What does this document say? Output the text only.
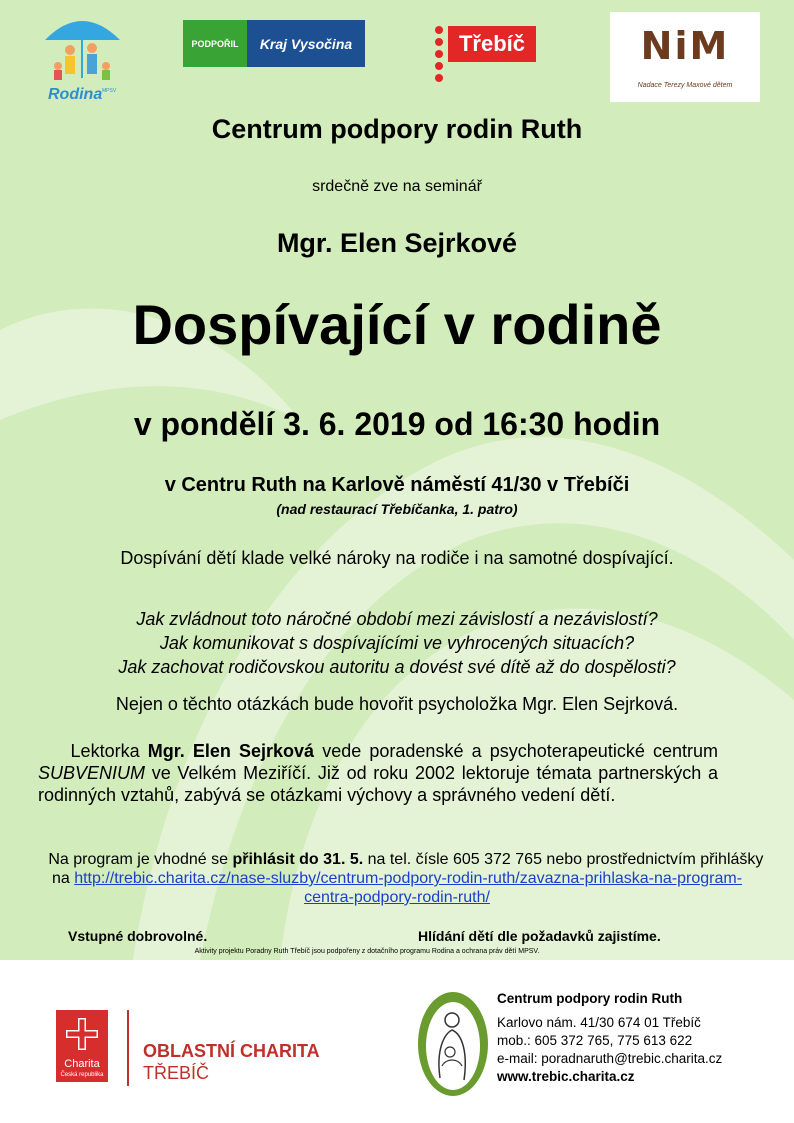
Rodina MPSV
PODPOŘIL	Kraj Vysočina	Třebíč	NiM
Nadace Terezy Maxové dětem
Centrum podpory rodin Ruth
srdečně zve na seminář
Mgr. Elen Sejrkové
Dospívající v rodině
v pondělí 3. 6. 2019 od 16:30 hodin
v Centru Ruth na Karlově náměstí 41/30 v Třebíči
(nad restaurací Třebíčanka, 1. patro)
Dospívání dětí klade velké nároky na rodiče i na samotné dospívající.
Jak zvládnout toto náročné období mezi závislostí a nezávislostí?
Jak komunikovat s dospívajícími ve vyhrocených situacích?
Jak zachovat rodičovskou autoritu a dovést své dítě až do dospělosti?
Nejen o těchto otázkách bude hovořit psycholožka Mgr. Elen Sejrková.
Lektorka Mgr. Elen Sejrková vede poradenské a psychoterapeutické centrum SUBVENIUM ve Velkém Meziříčí. Již od roku 2002 lektoruje témata partnerských a rodinných vztahů, zabývá se otázkami výchovy a správného vedení dětí.
Na program je vhodné se přihlásit do 31. 5. na tel. čísle 605 372 765 nebo prostřednictvím přihlášky na http://trebic.charita.cz/nase-sluzby/centrum-podpory-rodin-ruth/zavazna-prihlaska-na-program-centra-podpory-rodin-ruth/
Vstupné dobrovolné.	Hlídání dětí dle požadavků zajistíme.
Aktivity projektu Poradny Ruth Třebíč jsou podpořeny z dotačního programu Rodina a ochrana práv dětí MPSV.
Charita
Česká republika
OBLASTNÍ CHARITA
TŘEBÍČ
Centrum podpory rodin Ruth
Karlovo nám. 41/30 674 01 Třebíč
mob.: 605 372 765, 775 613 622
e-mail: poradnaruth@trebic.charita.cz
www.trebic.charita.cz
